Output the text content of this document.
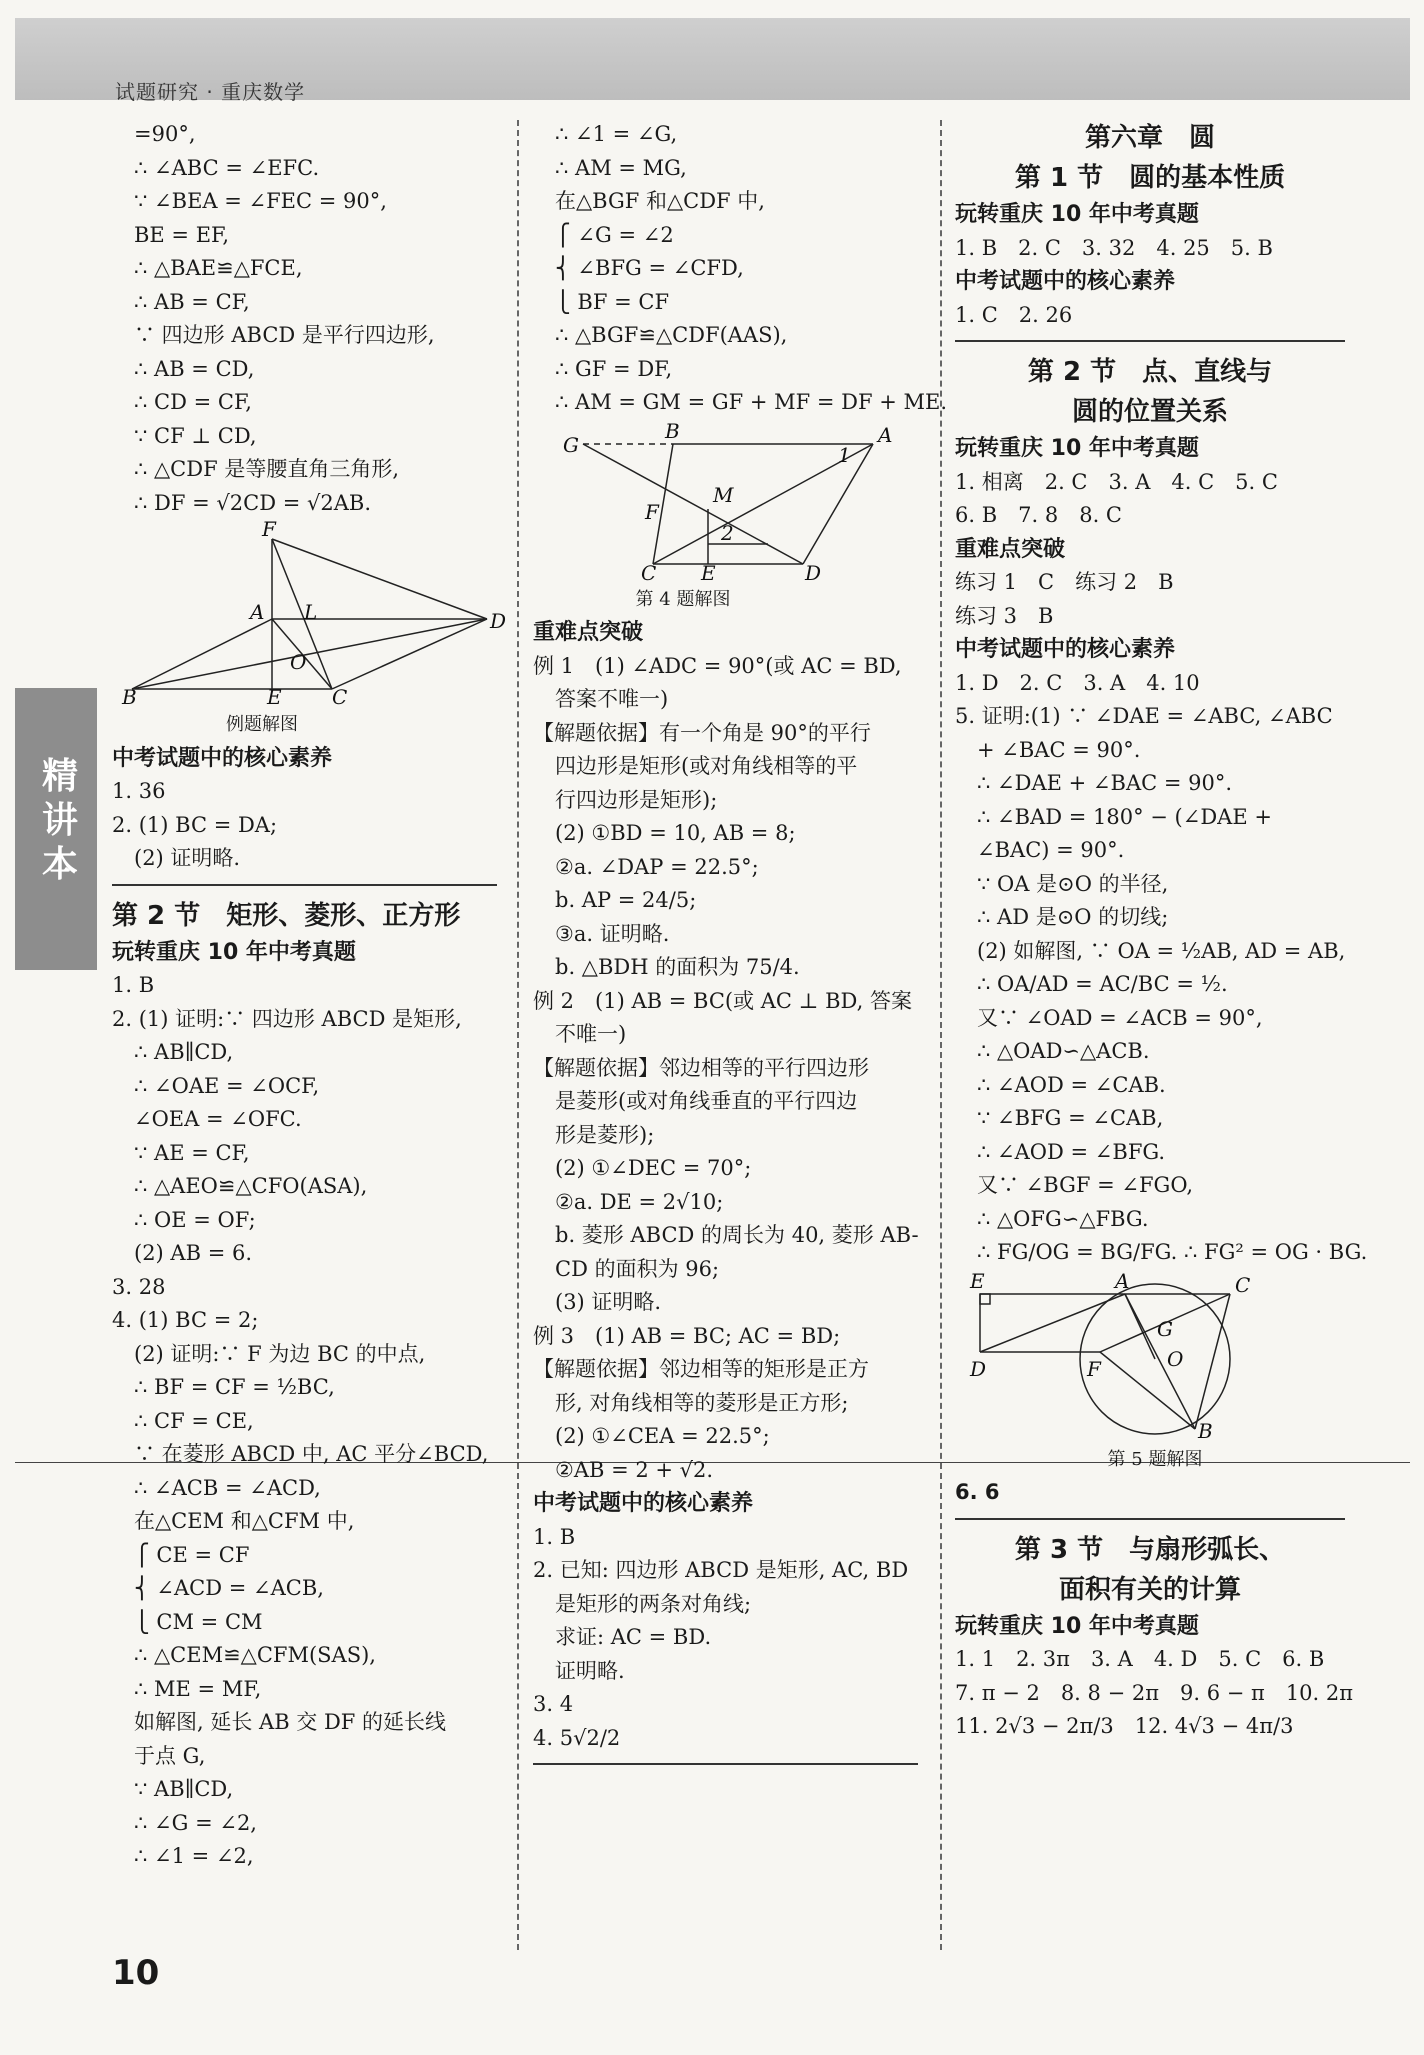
试题研究 · 重庆数学
精讲本
=90°,
∴ ∠ABC = ∠EFC.
∵ ∠BEA = ∠FEC = 90°,
BE = EF,
∴ △BAE≌△FCE,
∴ AB = CF,
∵ 四边形 ABCD 是平行四边形,
∴ AB = CD,
∴ CD = CF,
∵ CF ⊥ CD,
∴ △CDF 是等腰直角三角形,
∴ DF = √2CD = √2AB.
F
A L	D
O
B	E	C
例题解图
中考试题中的核心素养
1. 36
2. (1) BC = DA;
(2) 证明略.
第 2 节　矩形、菱形、正方形
玩转重庆 10 年中考真题
1. B
2. (1) 证明:∵ 四边形 ABCD 是矩形,
∴ AB∥CD,
∴ ∠OAE = ∠OCF,
∠OEA = ∠OFC.
∵ AE = CF,
∴ △AEO≌△CFO(ASA),
∴ OE = OF;
(2) AB = 6.
3. 28
4. (1) BC = 2;
(2) 证明:∵ F 为边 BC 的中点,
∴ BF = CF = ½BC,
∴ CF = CE,
∵ 在菱形 ABCD 中, AC 平分∠BCD,
∴ ∠ACB = ∠ACD,
在△CEM 和△CFM 中,
⎧ CE = CF
⎨ ∠ACD = ∠ACB,
⎩ CM = CM
∴ △CEM≌△CFM(SAS),
∴ ME = MF,
如解图, 延长 AB 交 DF 的延长线
于点 G,
∵ AB∥CD,
∴ ∠G = ∠2,
∴ ∠1 = ∠2,
∴ ∠1 = ∠G,
∴ AM = MG,
在△BGF 和△CDF 中,
⎧ ∠G = ∠2
⎨ ∠BFG = ∠CFD,
⎩ BF = CF
∴ △BGF≌△CDF(AAS),
∴ GF = DF,
∴ AM = GM = GF + MF = DF + ME.
G
B	A
1
M
F
2
C E	D
第 4 题解图
重难点突破
例 1　(1) ∠ADC = 90°(或 AC = BD,
答案不唯一)
【解题依据】有一个角是 90°的平行
四边形是矩形(或对角线相等的平
行四边形是矩形);
(2) ①BD = 10, AB = 8;
②a. ∠DAP = 22.5°;
b. AP = 24/5;
③a. 证明略.
b. △BDH 的面积为 75/4.
例 2　(1) AB = BC(或 AC ⊥ BD, 答案
不唯一)
【解题依据】邻边相等的平行四边形
是菱形(或对角线垂直的平行四边
形是菱形);
(2) ①∠DEC = 70°;
②a. DE = 2√10;
b. 菱形 ABCD 的周长为 40, 菱形 AB-
CD 的面积为 96;
(3) 证明略.
例 3　(1) AB = BC; AC = BD;
【解题依据】邻边相等的矩形是正方
形, 对角线相等的菱形是正方形;
(2) ①∠CEA = 22.5°;
②AB = 2 + √2.
中考试题中的核心素养
1. B
2. 已知: 四边形 ABCD 是矩形, AC, BD
是矩形的两条对角线;
求证: AC = BD.
证明略.
3. 4
4. 5√2/2
第六章　圆
第 1 节　圆的基本性质
玩转重庆 10 年中考真题
1. B　2. C　3. 32　4. 25　5. B
中考试题中的核心素养
1. C　2. 26
第 2 节　点、直线与
圆的位置关系
玩转重庆 10 年中考真题
1. 相离　2. C　3. A　4. C　5. C
6. B　7. 8　8. C
重难点突破
练习 1　C　练习 2　B
练习 3　B
中考试题中的核心素养
1. D　2. C　3. A　4. 10
5. 证明:(1) ∵ ∠DAE = ∠ABC, ∠ABC
+ ∠BAC = 90°.
∴ ∠DAE + ∠BAC = 90°.
∴ ∠BAD = 180° − (∠DAE +
∠BAC) = 90°.
∵ OA 是⊙O 的半径,
∴ AD 是⊙O 的切线;
(2) 如解图, ∵ OA = ½AB, AD = AB,
∴ OA/AD = AC/BC = ½.
又∵ ∠OAD = ∠ACB = 90°,
∴ △OAD∽△ACB.
∴ ∠AOD = ∠CAB.
∵ ∠BFG = ∠CAB,
∴ ∠AOD = ∠BFG.
又∵ ∠BGF = ∠FGO,
∴ △OFG∽△FBG.
∴ FG/OG = BG/FG. ∴ FG² = OG · BG.
E	A	C
G
O
D	F
B
第 5 题解图
6. 6
第 3 节　与扇形弧长、
面积有关的计算
玩转重庆 10 年中考真题
1. 1　2. 3π　3. A　4. D　5. C　6. B
7. π − 2　8. 8 − 2π　9. 6 − π　10. 2π
11. 2√3 − 2π/3　12. 4√3 − 4π/3
10
